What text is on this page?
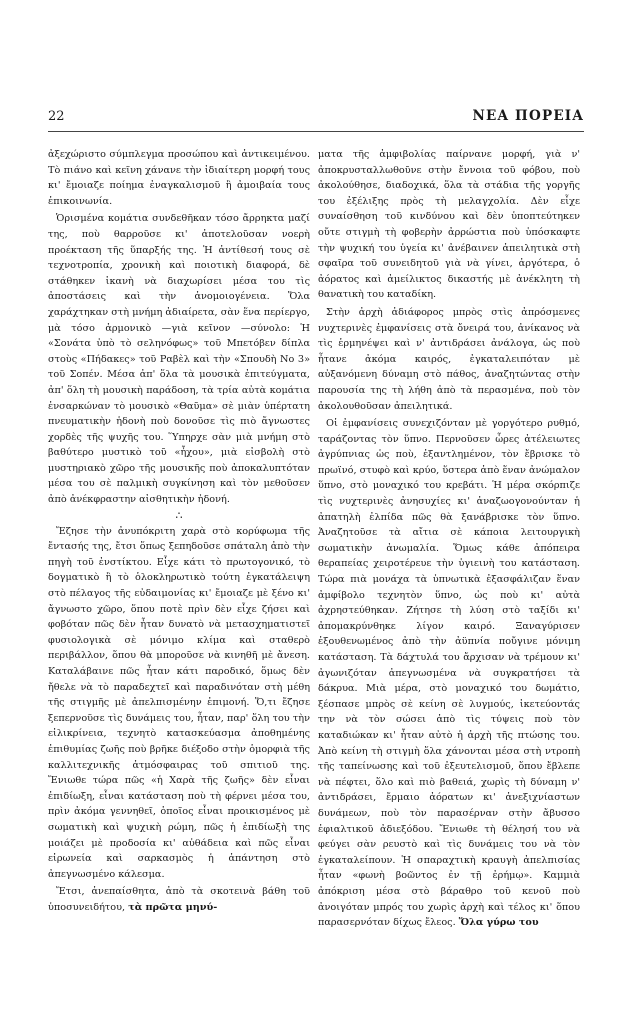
22	ΝΕΑ ΠΟΡΕΙΑ

ἀξεχώριστο σύμπλεγμα προσώπου καὶ ἀντικειμένου. Τὸ πιάνο καὶ κεῖνη χάνανε τὴν ἰδιαίτερη μορφή τους κι' ἔμοιαζε ποίημα ἐναγκαλισμοῦ ἢ ἀμοιβαία τους ἐπικοινωνία.

Ὁρισμένα κομάτια συνδεθῆκαν τόσο ἄρρηκτα μαζί της, ποὺ θαρροῦσε κι' ἀποτελοῦσαν νοερὴ προέκταση τῆς ὕπαρξής της. Ἡ ἀντίθεσή τους σὲ τεχνοτροπία, χρονικὴ καὶ ποιοτικὴ διαφορά, δὲ στάθηκεν ἱκανὴ νὰ διαχωρίσει μέσα του τὶς ἀποστάσεις καὶ τὴν ἀνομοιογένεια. Ὅλα χαράχτηκαν στὴ μνήμη ἀδιαίρετα, σὰν ἕνα περίεργο, μὰ τόσο ἁρμονικὸ —γιὰ κεῖνον —σύνολο: Ἡ «Σονάτα ὑπὸ τὸ σεληνόφως» τοῦ Μπετόβεν δίπλα στοὺς «Πήδακες» τοῦ Ραβὲλ καὶ τὴν «Σπουδὴ Νο 3» τοῦ Σοπέν. Μέσα ἀπ' ὅλα τὰ μουσικὰ ἐπιτεύγματα, ἀπ' ὅλη τὴ μουσικὴ παράδοση, τὰ τρία αὐτὰ κομάτια ἐνσαρκώναν τὸ μουσικὸ «Θαῦμα» σὲ μιὰν ὑπέρτατη πνευματικὴν ἡδονὴ ποὺ δονοῦσε τὶς πιὸ ἄγνωστες χορδὲς τῆς ψυχῆς του. Ὕπηρχε σὰν μιὰ μνήμη στὸ βαθύτερο μυστικὸ τοῦ «ἦχου», μιὰ εἰσβολὴ στὸ μυστηριακὸ χῶρο τῆς μουσικῆς ποὺ ἀποκαλυπτόταν μέσα του σὲ παλμικὴ συγκίνηση καὶ τὸν μεθοῦσεν ἀπὸ ἀνέκφραστην αἰσθητικὴν ἡδονή.

∴

Ἔζησε τὴν ἀνυπόκριτη χαρὰ στὸ κορύφωμα τῆς ἔντασής της, ἔτσι ὅπως ξεπηδοῦσε σπάταλη ἀπὸ τὴν πηγὴ τοῦ ἐνστίκτου. Εἶχε κάτι τὸ πρωτογονικό, τὸ δογματικὸ ἢ τὸ ὁλοκληρωτικὸ τούτη ἐγκατάλειψη στὸ πέλαγος τῆς εὐδαιμονίας κι' ἔμοιαζε μὲ ξένο κι' ἄγνωστο χῶρο, ὅπου ποτὲ πρὶν δὲν εἶχε ζήσει καὶ φοβόταν πῶς δὲν ἦταν δυνατὸ νὰ μετασχηματιστεῖ φυσιολογικὰ σὲ μόνιμο κλίμα καὶ σταθερὸ περιβάλλον, ὅπου θὰ μποροῦσε νὰ κινηθῆ μὲ ἄνεση. Καταλάβαινε πῶς ἦταν κάτι παροδικό, ὅμως δὲν ἤθελε νὰ τὸ παραδεχτεῖ καὶ παραδινόταν στὴ μέθη τῆς στιγμῆς μὲ ἀπελπισμένην ἐπιμονή. Ὅ,τι ἔζησε ξεπερνοῦσε τὶς δυνάμεις του, ἦταν, παρ' ὅλη του τὴν εἰλικρίνεια, τεχνητὸ κατασκεύασμα ἀποθημένης ἐπιθυμίας ζωῆς ποὺ βρῆκε διέξοδο στὴν ὁμορφιὰ τῆς καλλιτεχνικῆς ἀτμόσφαιρας τοῦ σπιτιοῦ της. Ἔνιωθε τώρα πῶς «ἡ Χαρὰ τῆς ζωῆς» δὲν εἶναι ἐπιδίωξη, εἶναι κατάσταση ποὺ τὴ φέρνει μέσα του, πρὶν ἀκόμα γεννηθεῖ, ὁποῖος εἶναι προικισμένος μὲ σωματικὴ καὶ ψυχικὴ ρώμη, πῶς ἡ ἐπιδίωξὴ της μοιάζει μὲ προδοσία κι' αὐθάδεια καὶ πῶς εἶναι εἰρωνεία καὶ σαρκασμὸς ἡ ἀπάντηση στὸ ἀπεγνωσμένο κάλεσμα.

Ἔτσι, ἀνεπαίσθητα, ἀπὸ τὰ σκοτεινὰ βάθη τοῦ ὑποσυνειδήτου, τὰ πρῶτα μηνύ-

ματα τῆς ἀμφιβολίας παίρνανε μορφή, γιὰ ν' ἀποκρυσταλλωθοῦνε στὴν ἔννοια τοῦ φόβου, ποὺ ἀκολούθησε, διαδοχικά, ὅλα τὰ στάδια τῆς γοργῆς του ἐξέλιξης πρὸς τὴ μελαγχολία. Δὲν εἶχε συναίσθηση τοῦ κινδύνου καὶ δὲν ὑποπτεύτηκεν οὔτε στιγμὴ τὴ φοβερὴν ἀρρώστια ποὺ ὑπόσκαφτε τὴν ψυχική του ὑγεία κι' ἀνέβαινεν ἀπειλητικὰ στὴ σφαῖρα τοῦ συνειδητοῦ γιὰ νὰ γίνει, ἀργότερα, ὁ ἀόρατος καὶ ἀμείλικτος δικαστής μὲ ἀνέκλητη τὴ θανατικὴ του καταδίκη.

Στὴν ἀρχὴ ἀδιάφορος μπρὸς στὶς ἀπρόσμενες νυχτερινὲς ἐμφανίσεις στὰ ὄνειρά του, ἀνίκανος νὰ τὶς ἑρμηνέψει καὶ ν' ἀντιδράσει ἀνάλογα, ὡς ποὺ ἦτανε ἀκόμα καιρός, ἐγκαταλειπόταν μὲ αὐξανόμενη δύναμη στὸ πάθος, ἀναζητώντας στὴν παρουσία της τὴ λήθη ἀπὸ τὰ περασμένα, ποὺ τὸν ἀκολουθοῦσαν ἀπειλητικά.

Οἱ ἐμφανίσεις συνεχιζόνταν μὲ γοργότερο ρυθμό, ταράζοντας τὸν ὕπνο. Περνοῦσεν ὧρες ἀτέλειωτες ἀγρύπνιας ὡς ποὺ, ἐξαντλημένον, τὸν ἔβρισκε τὸ πρωϊνό, στυφὸ καὶ κρύο, ὕστερα ἀπὸ ἕναν ἀνώμαλον ὕπνο, στὸ μοναχικό του κρεβάτι. Ἡ μέρα σκόρπιζε τὶς νυχτερινὲς ἀνησυχίες κι' ἀναζωογονούνταν ἡ ἀπατηλὴ ἐλπίδα πῶς θὰ ξανάβρισκε τὸν ὕπνο. Ἀναζητοῦσε τὰ αἴτια σὲ κάποια λειτουργικὴ σωματικὴν ἀνωμαλία. Ὅμως κάθε ἀπόπειρα θεραπείας χειροτέρευε τὴν ὑγιεινὴ του κατάσταση. Τώρα πιὰ μονάχα τὰ ὑπνωτικὰ ἐξασφάλιζαν ἕναν ἀμφίβολο τεχνητὸν ὕπνο, ὡς ποὺ κι' αὐτὰ ἀχρηστεύθηκαν. Ζήτησε τὴ λύση στὸ ταξίδι κι' ἀπομακρύνθηκε λίγον καιρό. Ξαναγύρισεν ἐξουθενωμένος ἀπὸ τὴν ἀϋπνία ποὔγινε μόνιμη κατάσταση. Τὰ δάχτυλά του ἄρχισαν νὰ τρέμουν κι' ἀγωνιζόταν ἀπεγνωσμένα νὰ συγκρατήσει τὰ δάκρυα. Μιὰ μέρα, στὸ μοναχικό του δωμάτιο, ξέσπασε μπρὸς σὲ κείνη σὲ λυγμούς, ἱκετεύοντάς την νὰ τὸν σώσει ἀπὸ τὶς τύψεις ποὺ τὸν καταδιώκαν κι' ἦταν αὐτὸ ἡ ἀρχὴ τῆς πτώσης του. Ἀπὸ κείνη τὴ στιγμὴ ὅλα χάνονται μέσα στὴ ντροπὴ τῆς ταπείνωσης καὶ τοῦ ἐξευτελισμοῦ, ὅπου ἔβλεπε νὰ πέφτει, ὅλο καὶ πιὸ βαθειά, χωρὶς τὴ δύναμη ν' ἀντιδράσει, ἔρμαιο ἀόρατων κι' ἀνεξιχνίαστων δυνάμεων, ποὺ τὸν παρασέρναν στὴν ἄβυσσο ἐφιαλτικοῦ ἀδιεξόδου. Ἔνιωθε τὴ θέλησή του νὰ φεύγει σὰν ρευστὸ καὶ τὶς δυνάμεις του νὰ τὸν ἐγκαταλείπουν. Ἡ σπαραχτικὴ κραυγὴ ἀπελπισίας ἦταν «φωνὴ βοῶντος ἐν τῇ ἐρήμῳ». Καμμιὰ ἀπόκριση μέσα στὸ βάραθρο τοῦ κενοῦ ποὺ ἀνοιγόταν μπρός του χωρὶς ἀρχὴ καὶ τέλος κι' ὅπου παρασερνόταν δίχως ἔλεος. Ὅλα γύρω του
